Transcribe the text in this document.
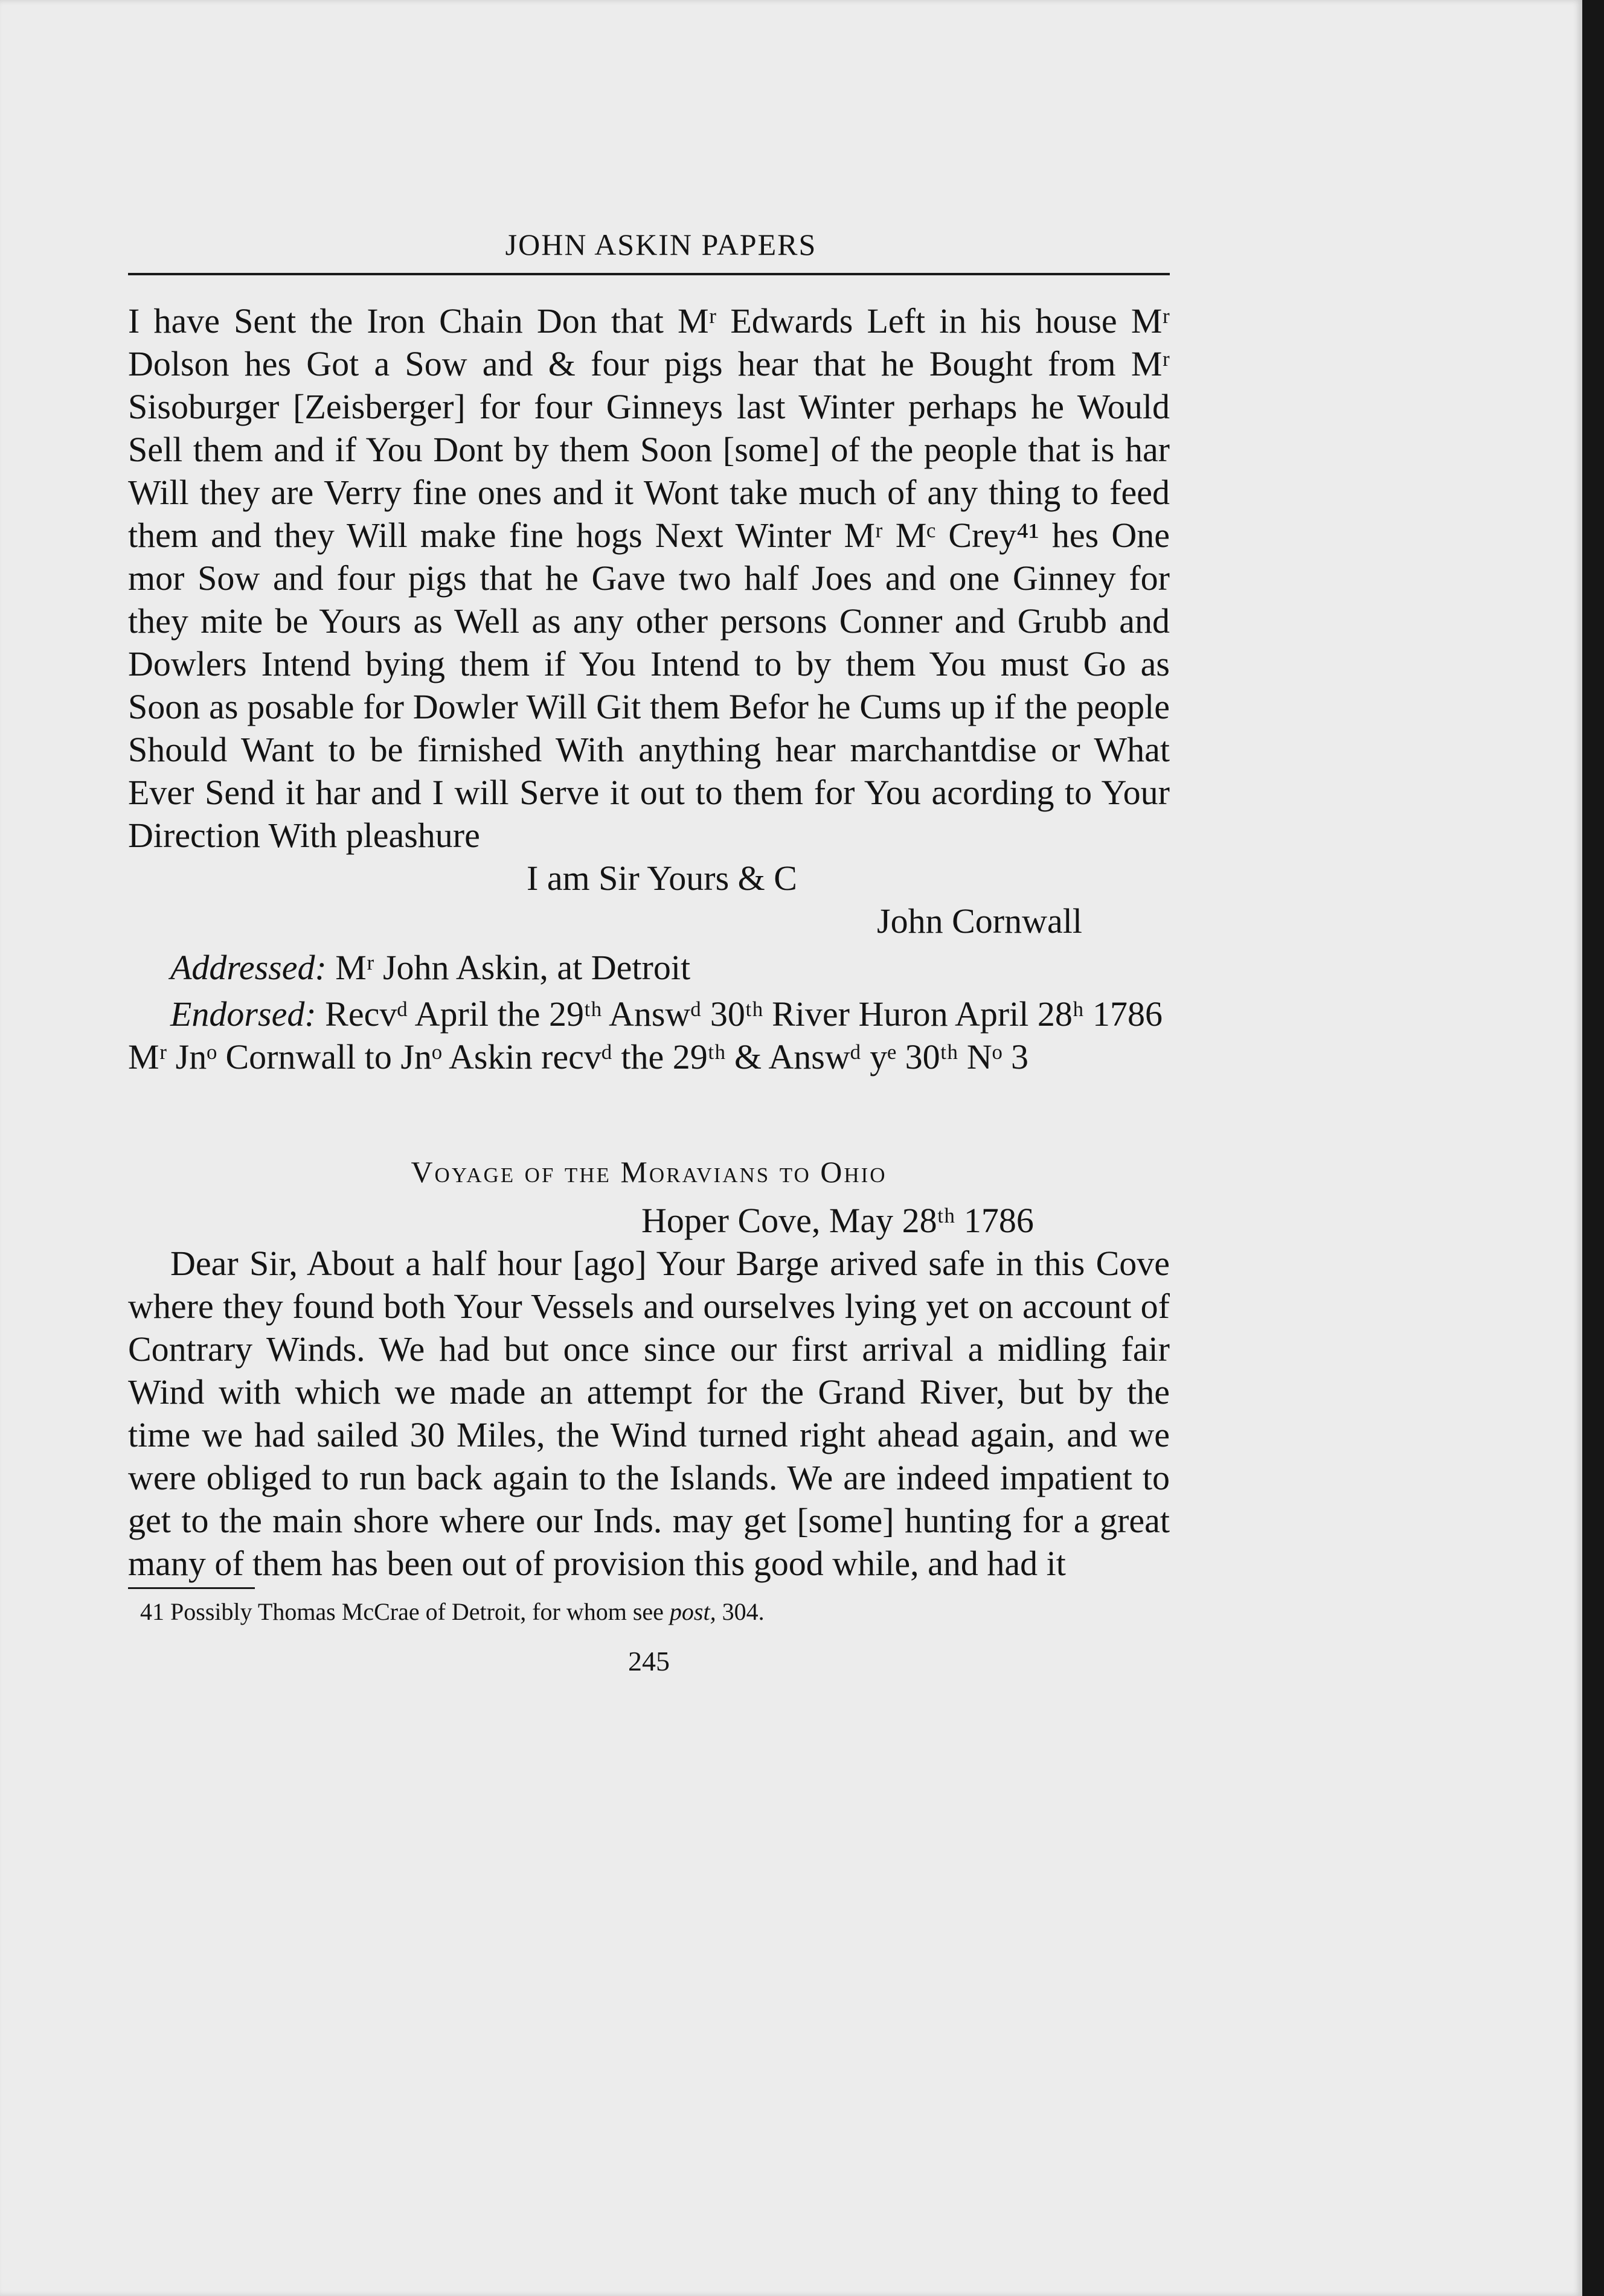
JOHN ASKIN PAPERS

I have Sent the Iron Chain Don that Mʳ Edwards Left in his house Mʳ Dolson hes Got a Sow and & four pigs hear that he Bought from Mʳ Sisoburger [Zeisberger] for four Ginneys last Winter perhaps he Would Sell them and if You Dont by them Soon [some] of the people that is har Will they are Verry fine ones and it Wont take much of any thing to feed them and they Will make fine hogs Next Winter Mʳ Mᶜ Crey⁴¹ hes One mor Sow and four pigs that he Gave two half Joes and one Ginney for they mite be Yours as Well as any other persons Conner and Grubb and Dowlers Intend bying them if You Intend to by them You must Go as Soon as posable for Dowler Will Git them Befor he Cums up if the people Should Want to be firnished With anything hear marchantdise or What Ever Send it har and I will Serve it out to them for You acording to Your Direction With pleashure

I am Sir Yours & C

John Cornwall

Addressed: Mʳ John Askin, at Detroit

Endorsed: Recvᵈ April the 29ᵗʰ Answᵈ 30ᵗʰ River Huron April 28ʰ 1786 Mʳ Jnᵒ Cornwall to Jnᵒ Askin recvᵈ the 29ᵗʰ & Answᵈ yᵉ 30ᵗʰ Nᵒ 3

Voyage of the Moravians to Ohio

Hoper Cove, May 28ᵗʰ 1786

Dear Sir, About a half hour [ago] Your Barge arived safe in this Cove where they found both Your Vessels and ourselves lying yet on account of Contrary Winds. We had but once since our first arrival a midling fair Wind with which we made an attempt for the Grand River, but by the time we had sailed 30 Miles, the Wind turned right ahead again, and we were obliged to run back again to the Islands. We are indeed impatient to get to the main shore where our Inds. may get [some] hunting for a great many of them has been out of provision this good while, and had it

41 Possibly Thomas McCrae of Detroit, for whom see post, 304.

245
